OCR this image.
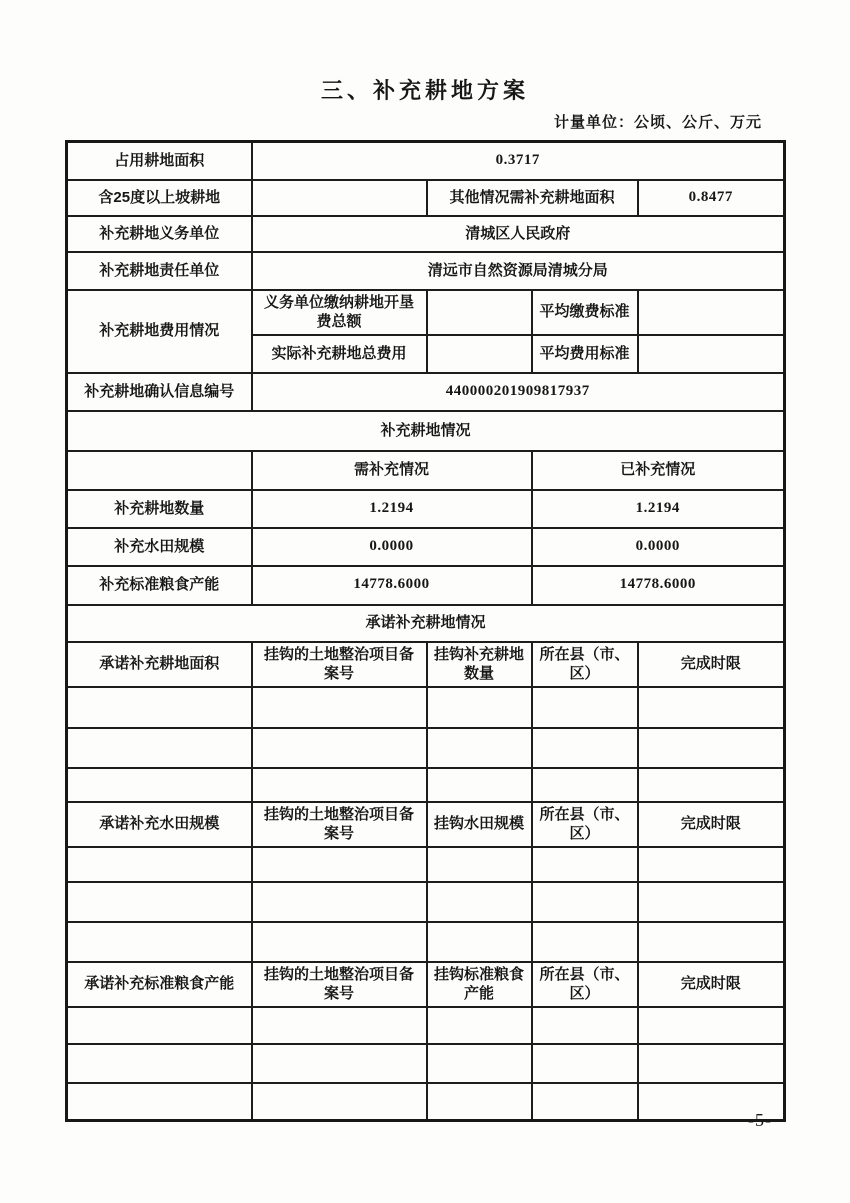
三、补充耕地方案
计量单位：公顷、公斤、万元
占用耕地面积	0.3717			
含25度以上坡耕地		其他情况需补充耕地面积		0.8477
补充耕地义务单位	清城区人民政府			
补充耕地责任单位	清远市自然资源局清城分局			
补充耕地费用情况	义务单位缴纳耕地开垦费总额		平均缴费标准	
	实际补充耕地总费用		平均费用标准	
补充耕地确认信息编号	440000201909817937			
补充耕地情况				
	需补充情况		已补充情况	
补充耕地数量	1.2194		1.2194	
补充水田规模	0.0000		0.0000	
补充标准粮食产能	14778.6000		14778.6000	
承诺补充耕地情况				
承诺补充耕地面积	挂钩的土地整治项目备案号	挂钩补充耕地数量	所在县（市、区）	完成时限

承诺补充水田规模	挂钩的土地整治项目备案号	挂钩水田规模	所在县（市、区）	完成时限

承诺补充标准粮食产能	挂钩的土地整治项目备案号	挂钩标准粮食产能	所在县（市、区）	完成时限

-5-
